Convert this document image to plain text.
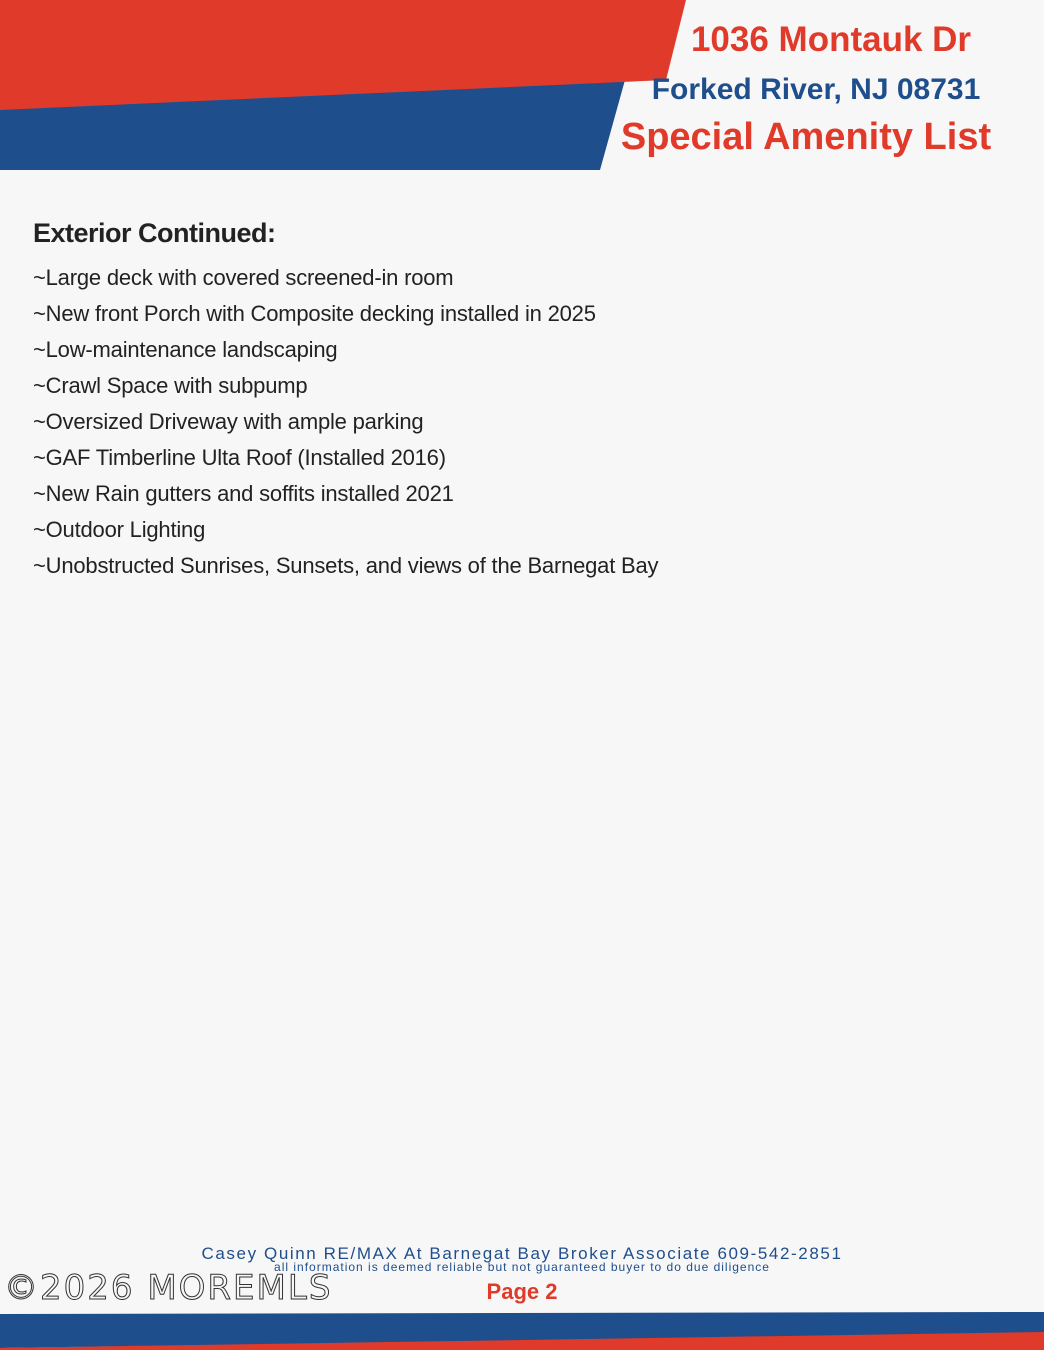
1036 Montauk Dr
Forked River, NJ 08731
Special Amenity List
Exterior Continued:
~Large deck with covered screened-in room
~New front Porch with Composite decking installed in 2025
~Low-maintenance landscaping
~Crawl Space with subpump
~Oversized Driveway with ample parking
~GAF Timberline Ulta Roof (Installed 2016)
~New Rain gutters and soffits installed 2021
~Outdoor Lighting
~Unobstructed Sunrises, Sunsets, and views of the Barnegat Bay
Casey Quinn RE/MAX At Barnegat Bay Broker Associate 609-542-2851
all information is deemed reliable but not guaranteed buyer to do due diligence
Page 2
©2026 MOREMLS
